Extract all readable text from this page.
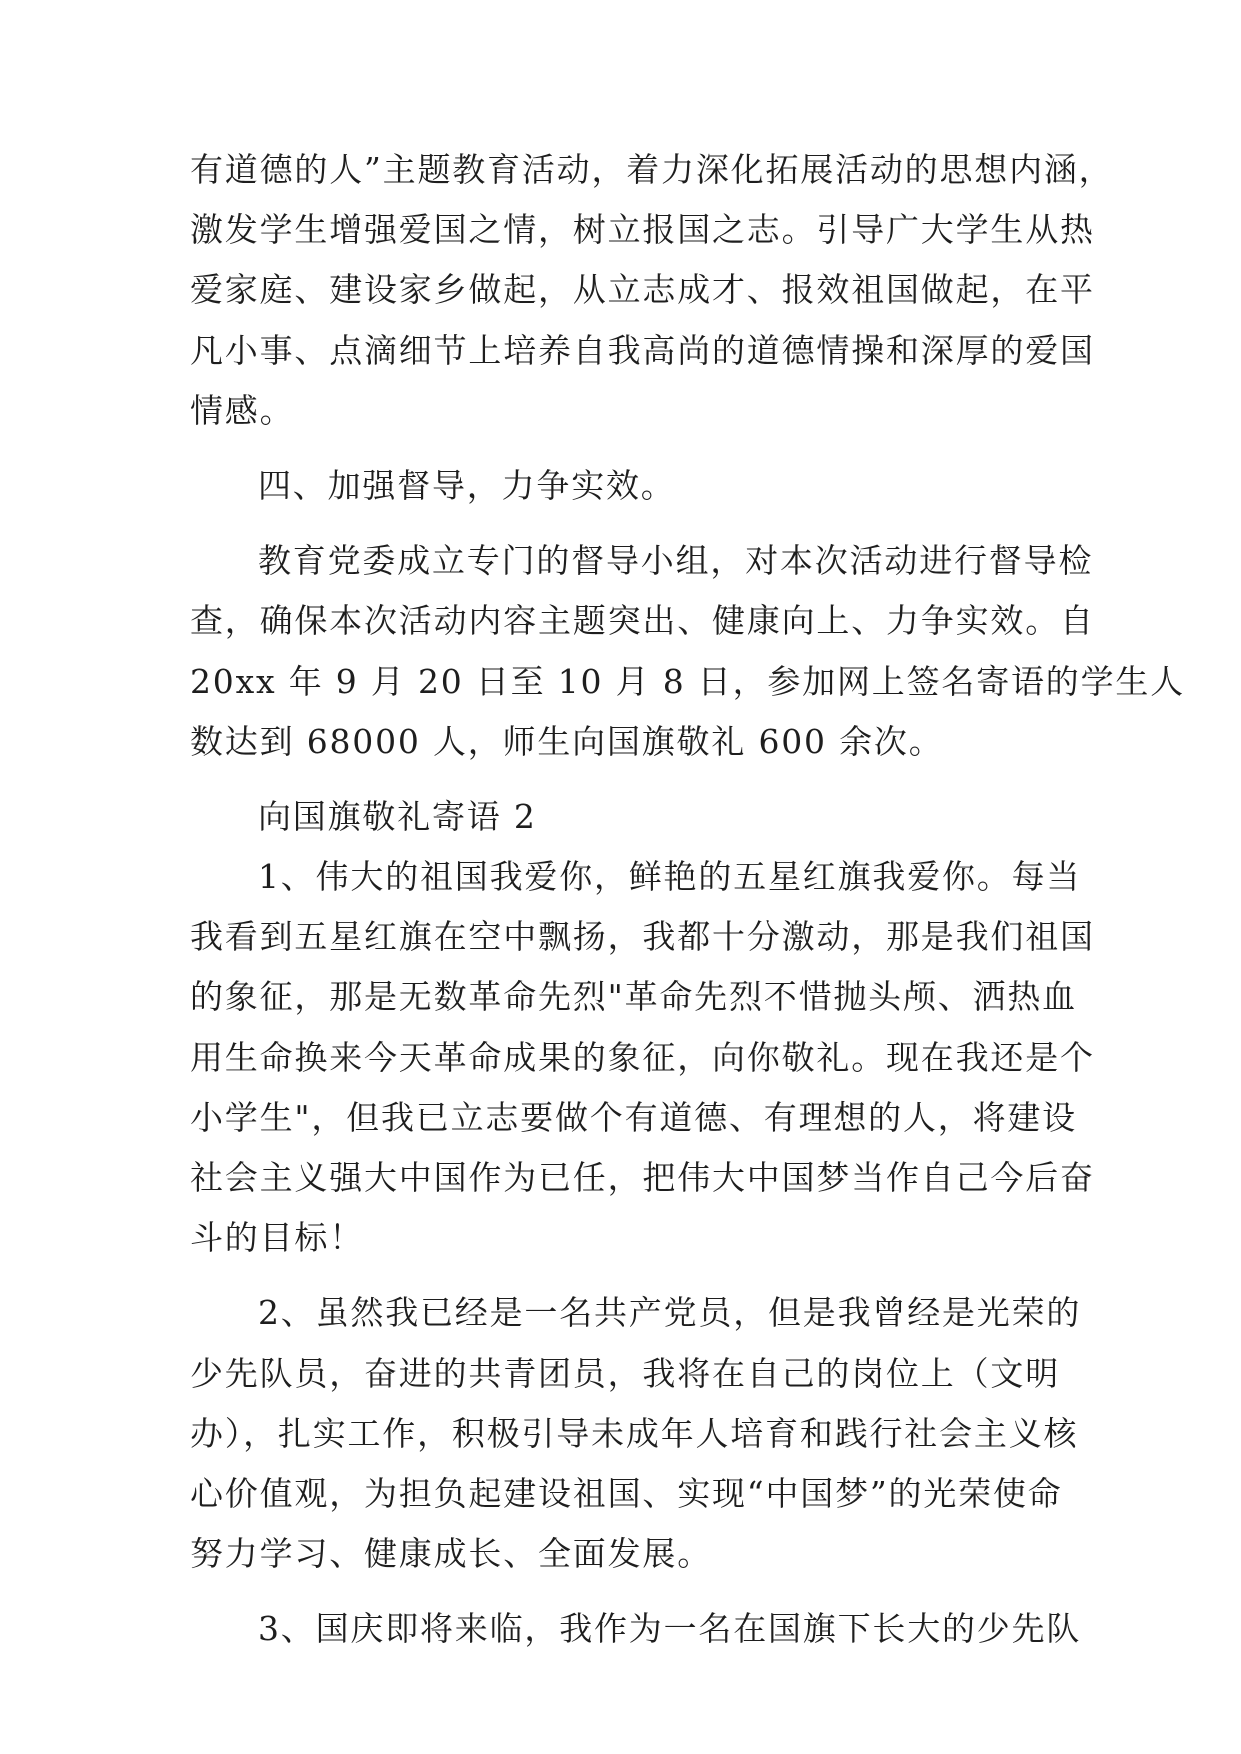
有道德的人”主题教育活动，着力深化拓展活动的思想内涵，
激发学生增强爱国之情，树立报国之志。引导广大学生从热
爱家庭、建设家乡做起，从立志成才、报效祖国做起，在平
凡小事、点滴细节上培养自我高尚的道德情操和深厚的爱国
情感。
四、加强督导，力争实效。
教育党委成立专门的督导小组，对本次活动进行督导检
查，确保本次活动内容主题突出、健康向上、力争实效。自
20xx 年 9 月 20 日至 10 月 8 日，参加网上签名寄语的学生人
数达到 68000 人，师生向国旗敬礼 600 余次。
向国旗敬礼寄语 2
1、伟大的祖国我爱你，鲜艳的五星红旗我爱你。每当
我看到五星红旗在空中飘扬，我都十分激动，那是我们祖国
的象征，那是无数革命先烈"革命先烈不惜抛头颅、洒热血
用生命换来今天革命成果的象征，向你敬礼。现在我还是个
小学生"，但我已立志要做个有道德、有理想的人，将建设
社会主义强大中国作为已任，把伟大中国梦当作自己今后奋
斗的目标！
2、虽然我已经是一名共产党员，但是我曾经是光荣的
少先队员，奋进的共青团员，我将在自己的岗位上（文明
办），扎实工作，积极引导未成年人培育和践行社会主义核
心价值观，为担负起建设祖国、实现“中国梦”的光荣使命
努力学习、健康成长、全面发展。
3、国庆即将来临，我作为一名在国旗下长大的少先队
